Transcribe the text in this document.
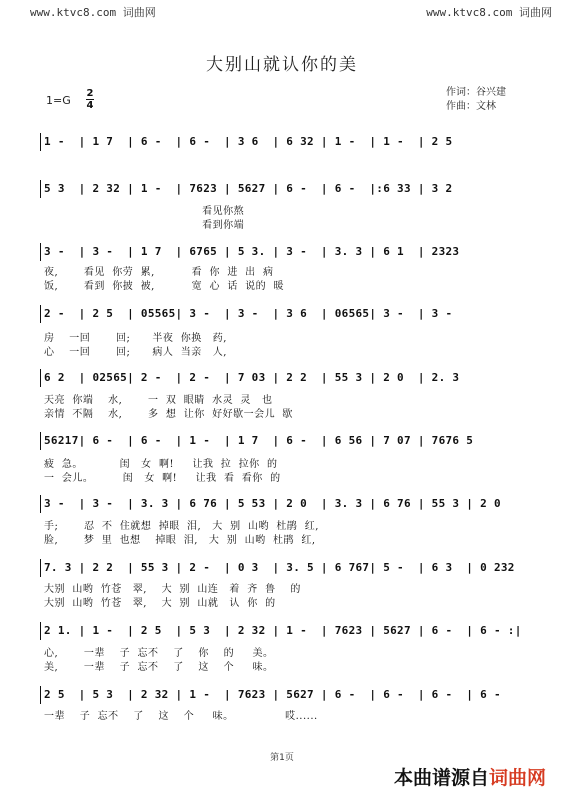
www.ktvc8.com 词曲网	www.ktvc8.com 词曲网
大别山就认你的美
1=G
2
4
作词：谷兴建
作曲：文林
1 -  | 1 7  | 6 -  | 6 -  | 3 6  | 6 32 | 1 -  | 1 -  | 2 5
5 3  | 2 32 | 1 -  | 7623 | 5627 | 6 -  | 6 -  |:6 33 | 3 2
看见你熬
看到你端
3 -  | 3 -  | 1 7  | 6765 | 5 3. | 3 -  | 3. 3 | 6 1  | 2323
夜,       看见  你劳  累,          看  你  进  出  病
饭,       看到  你披  被,          宽  心  话  说的  暖
2 -  | 2 5  | 05565| 3 -  | 3 -  | 3 6  | 06565| 3 -  | 3 -
房    一回       回;      半夜  你换   药,
心    一回       回;      病人  当亲   人,
6 2  | 02565| 2 -  | 2 -  | 7 03 | 2 2  | 55 3 | 2 0  | 2. 3
天亮  你端    水,       一  双  眼睛  水灵  灵   也
亲情  不隔    水,       多  想  让你  好好歇一会儿  歇
56217| 6 -  | 6 -  | 1 -  | 1 7  | 6 -  | 6 56 | 7 07 | 7676 5
疲  急。          闺   女  啊!     让我  拉  拉你  的
一  会儿。        闺   女  啊!     让我  看  看你  的
3 -  | 3 -  | 3. 3 | 6 76 | 5 53 | 2 0  | 3. 3 | 6 76 | 55 3 | 2 0
手;       忍  不  住就想  掉眼  泪,   大  别  山哟  杜鹃  红,
脸,       梦  里  也想    掉眼  泪,   大  别  山哟  杜鹃  红,
7. 3 | 2 2  | 55 3 | 2 -  | 0 3  | 3. 5 | 6 767| 5 -  | 6 3  | 0 232
大别  山哟  竹苍   翠,    大  别  山连   着  齐  鲁    的
大别  山哟  竹苍   翠,    大  别  山就   认  你  的
2 1. | 1 -  | 2 5  | 5 3  | 2 32 | 1 -  | 7623 | 5627 | 6 -  | 6 - :|
心,       一辈    子  忘不    了    你    的     美。
美,       一辈    子  忘不    了    这    个     味。
2 5  | 5 3  | 2 32 | 1 -  | 7623 | 5627 | 6 -  | 6 -  | 6 -  | 6 -
一辈    子  忘不    了    这    个     味。              哎......
第1页
本曲谱源自词曲网
